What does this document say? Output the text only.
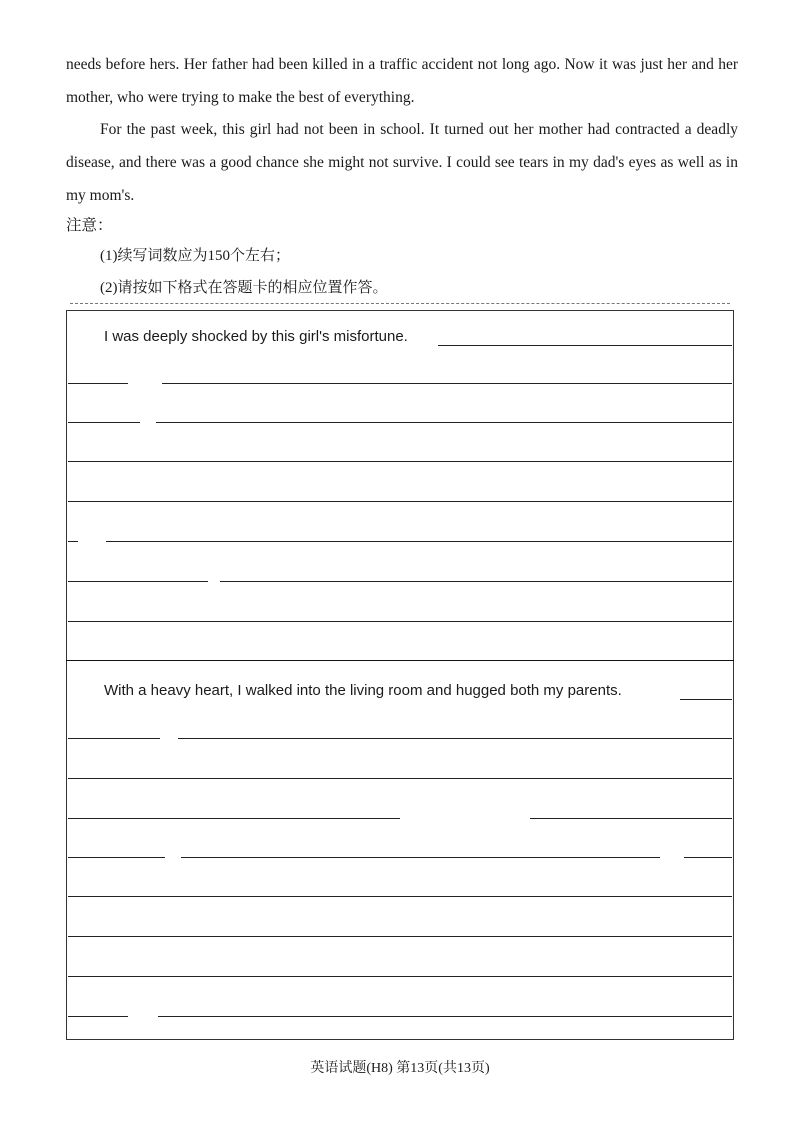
needs before hers. Her father had been killed in a traffic accident not long ago. Now it was just her and her mother, who were trying to make the best of everything.
For the past week, this girl had not been in school. It turned out her mother had contracted a deadly disease, and there was a good chance she might not survive. I could see tears in my dad's eyes as well as in my mom's.
注意：
(1)续写词数应为150个左右；
(2)请按如下格式在答题卡的相应位置作答。
I was deeply shocked by this girl's misfortune.
With a heavy heart, I walked into the living room and hugged both my parents.
英语试题(H8) 第13页(共13页)
